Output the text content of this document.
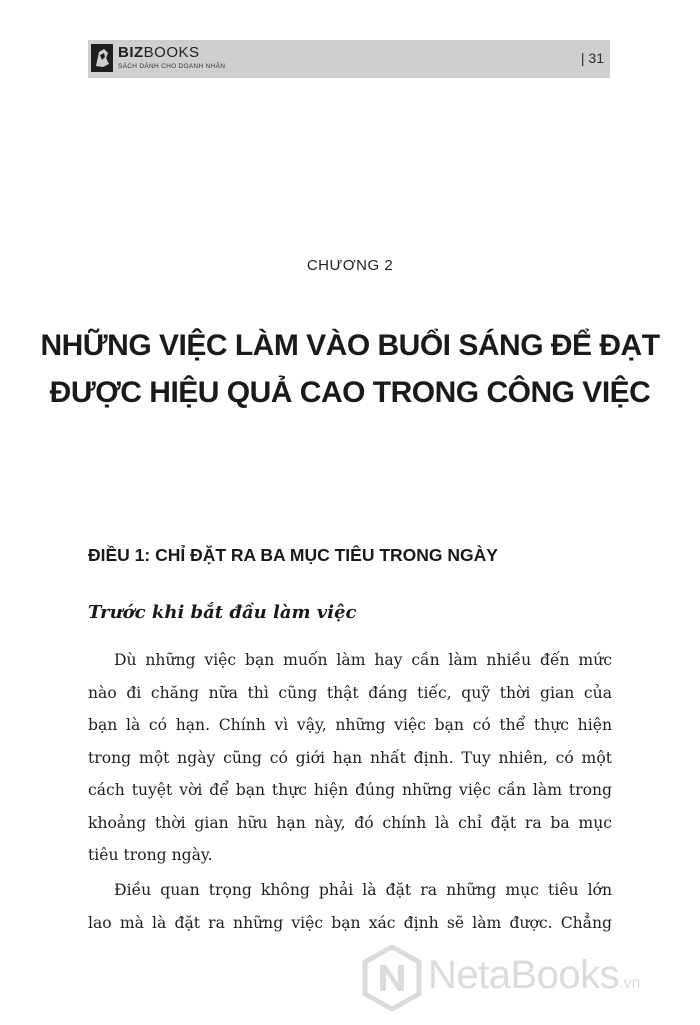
BIZBOOKS
SÁCH DÀNH CHO DOANH NHÂN
| 31
CHƯƠNG 2
NHỮNG VIỆC LÀM VÀO BUỔI SÁNG ĐỂ ĐẠT
ĐƯỢC HIỆU QUẢ CAO TRONG CÔNG VIỆC
ĐIỀU 1: CHỈ ĐẶT RA BA MỤC TIÊU TRONG NGÀY
Trước khi bắt đầu làm việc
Dù những việc bạn muốn làm hay cần làm nhiều đến mức
nào đi chăng nữa thì cũng thật đáng tiếc, quỹ thời gian của
bạn là có hạn. Chính vì vậy, những việc bạn có thể thực hiện
trong một ngày cũng có giới hạn nhất định. Tuy nhiên, có một
cách tuyệt vời để bạn thực hiện đúng những việc cần làm trong
khoảng thời gian hữu hạn này, đó chính là chỉ đặt ra ba mục
tiêu trong ngày.
Điều quan trọng không phải là đặt ra những mục tiêu lớn
lao mà là đặt ra những việc bạn xác định sẽ làm được. Chẳng
NetaBooks.vn
